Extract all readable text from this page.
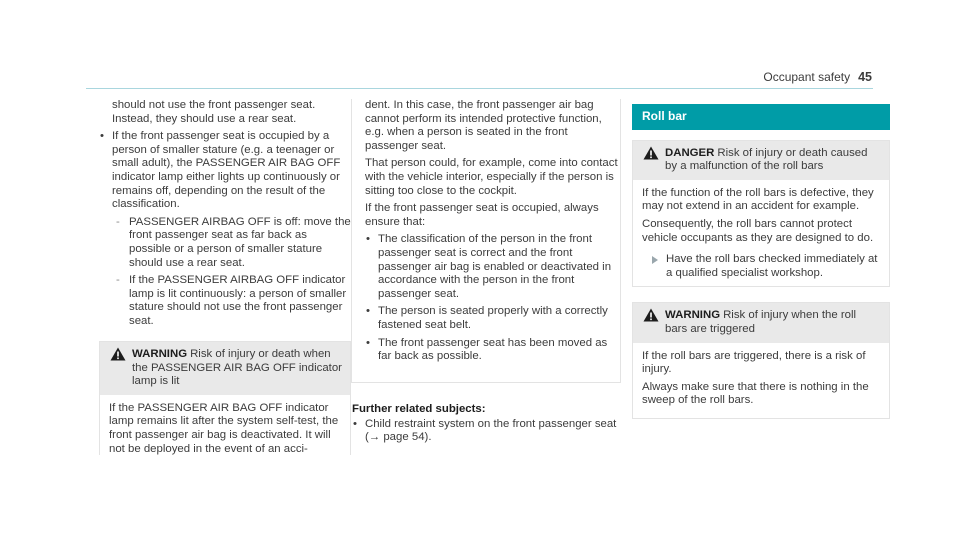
Occupant safety 45

should not use the front passenger seat. Instead, they should use a rear seat.

• If the front passenger seat is occupied by a person of smaller stature (e.g. a teenager or small adult), the PASSENGER AIR BAG OFF indicator lamp either lights up continuously or remains off, depending on the result of the classification.
- PASSENGER AIRBAG OFF is off: move the front passenger seat as far back as possible or a person of smaller stature should use a rear seat.
- If the PASSENGER AIRBAG OFF indicator lamp is lit continuously: a person of smaller stature should not use the front passenger seat.
WARNING Risk of injury or death when the PASSENGER AIR BAG OFF indicator lamp is lit

If the PASSENGER AIR BAG OFF indicator lamp remains lit after the system self-test, the front passenger air bag is deactivated. It will not be deployed in the event of an acci-

dent. In this case, the front passenger air bag cannot perform its intended protective function, e.g. when a person is seated in the front passenger seat.

That person could, for example, come into contact with the vehicle interior, especially if the person is sitting too close to the cockpit.

If the front passenger seat is occupied, always ensure that:

• The classification of the person in the front passenger seat is correct and the front passenger air bag is enabled or deactivated in accordance with the person in the front passenger seat.
• The person is seated properly with a correctly fastened seat belt.
• The front passenger seat has been moved as far back as possible.
Further related subjects:
• Child restraint system on the front passenger seat (→ page 54).
Roll bar
DANGER Risk of injury or death caused by a malfunction of the roll bars

If the function of the roll bars is defective, they may not extend in an accident for example.

Consequently, the roll bars cannot protect vehicle occupants as they are designed to do.

Have the roll bars checked immediately at a qualified specialist workshop.
WARNING Risk of injury when the roll bars are triggered

If the roll bars are triggered, there is a risk of injury.

Always make sure that there is nothing in the sweep of the roll bars.
